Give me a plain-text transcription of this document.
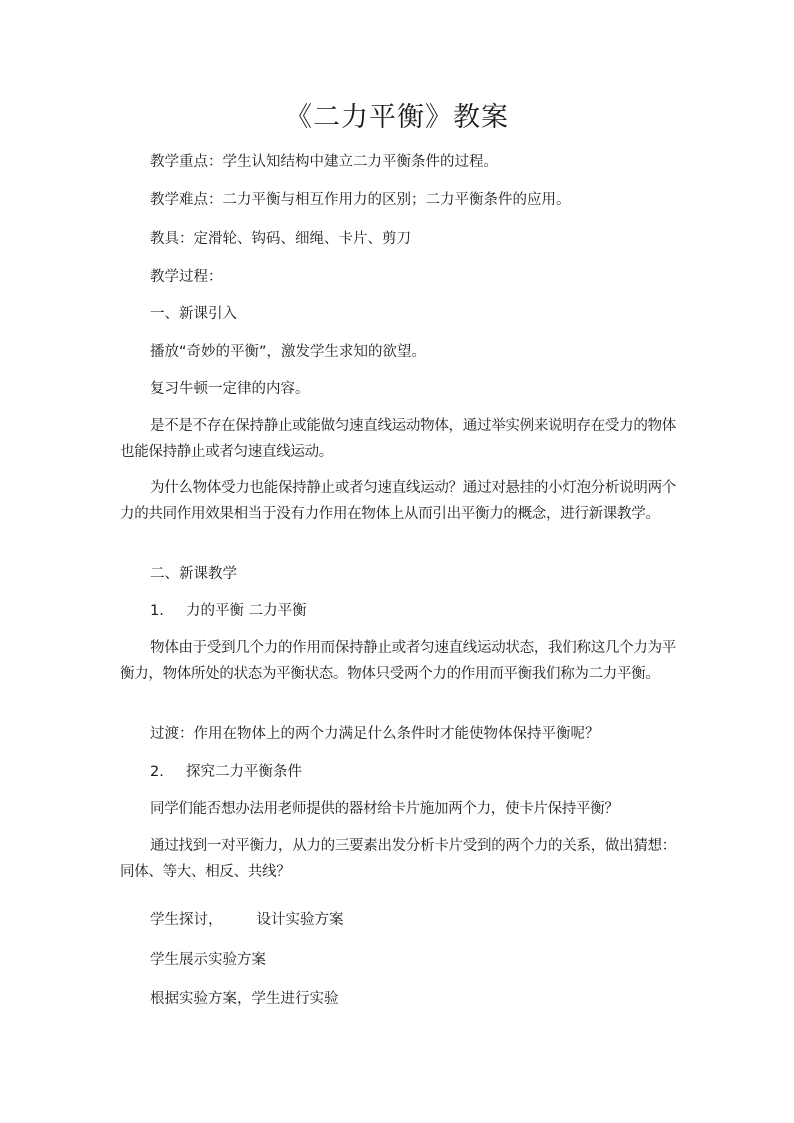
《二力平衡》教案

教学重点：学生认知结构中建立二力平衡条件的过程。

教学难点：二力平衡与相互作用力的区别；二力平衡条件的应用。

教具：定滑轮、钩码、细绳、卡片、剪刀

教学过程：

一、新课引入

播放“奇妙的平衡”，激发学生求知的欲望。

复习牛顿一定律的内容。

是不是不存在保持静止或能做匀速直线运动物体，通过举实例来说明存在受力的物体也能保持静止或者匀速直线运动。

为什么物体受力也能保持静止或者匀速直线运动？通过对悬挂的小灯泡分析说明两个力的共同作用效果相当于没有力作用在物体上从而引出平衡力的概念，进行新课教学。

二、新课教学

1. 力的平衡 二力平衡

物体由于受到几个力的作用而保持静止或者匀速直线运动状态，我们称这几个力为平衡力，物体所处的状态为平衡状态。物体只受两个力的作用而平衡我们称为二力平衡。

过渡：作用在物体上的两个力满足什么条件时才能使物体保持平衡呢？

2. 探究二力平衡条件

同学们能否想办法用老师提供的器材给卡片施加两个力，使卡片保持平衡？

通过找到一对平衡力，从力的三要素出发分析卡片受到的两个力的关系，做出猜想：同体、等大、相反、共线？

学生探讨， 设计实验方案

学生展示实验方案

根据实验方案，学生进行实验
